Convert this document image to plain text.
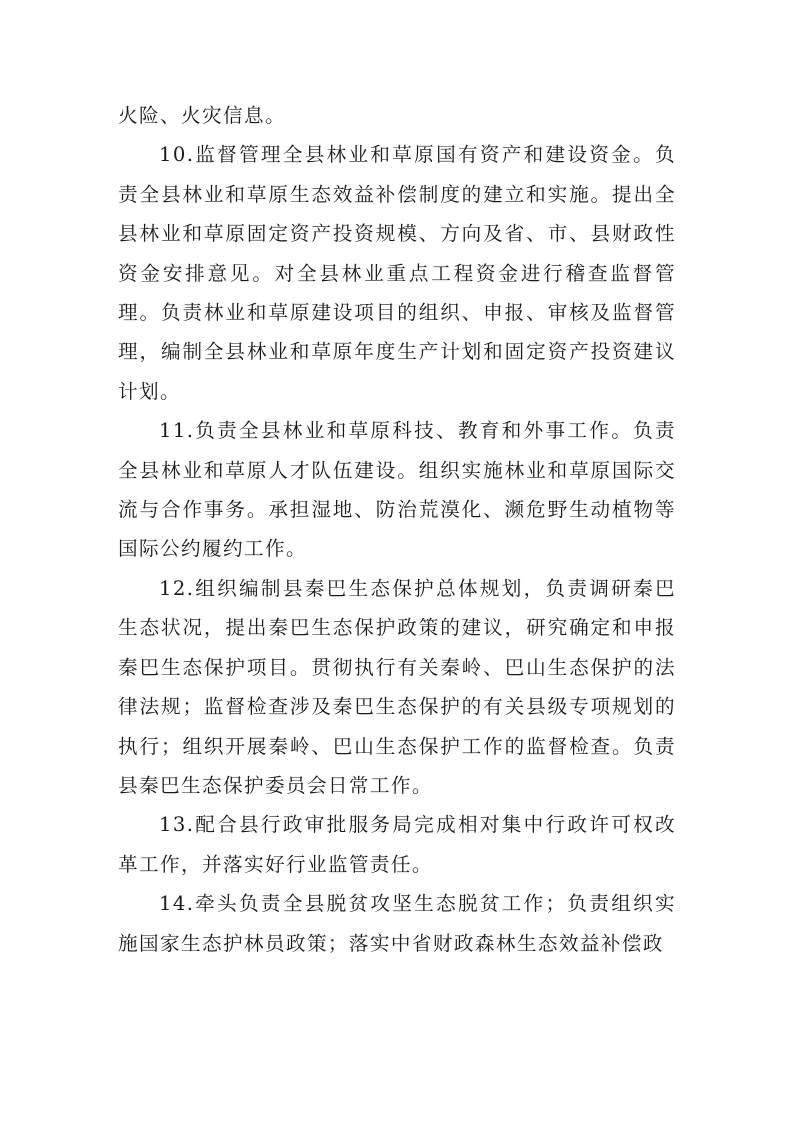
火险、火灾信息。

10.监督管理全县林业和草原国有资产和建设资金。负责全县林业和草原生态效益补偿制度的建立和实施。提出全县林业和草原固定资产投资规模、方向及省、市、县财政性资金安排意见。对全县林业重点工程资金进行稽查监督管理。负责林业和草原建设项目的组织、申报、审核及监督管理，编制全县林业和草原年度生产计划和固定资产投资建议计划。

11.负责全县林业和草原科技、教育和外事工作。负责全县林业和草原人才队伍建设。组织实施林业和草原国际交流与合作事务。承担湿地、防治荒漠化、濒危野生动植物等国际公约履约工作。

12.组织编制县秦巴生态保护总体规划，负责调研秦巴生态状况，提出秦巴生态保护政策的建议，研究确定和申报秦巴生态保护项目。贯彻执行有关秦岭、巴山生态保护的法律法规；监督检查涉及秦巴生态保护的有关县级专项规划的执行；组织开展秦岭、巴山生态保护工作的监督检查。负责县秦巴生态保护委员会日常工作。

13.配合县行政审批服务局完成相对集中行政许可权改革工作，并落实好行业监管责任。

14.牵头负责全县脱贫攻坚生态脱贫工作；负责组织实施国家生态护林员政策；落实中省财政森林生态效益补偿政
